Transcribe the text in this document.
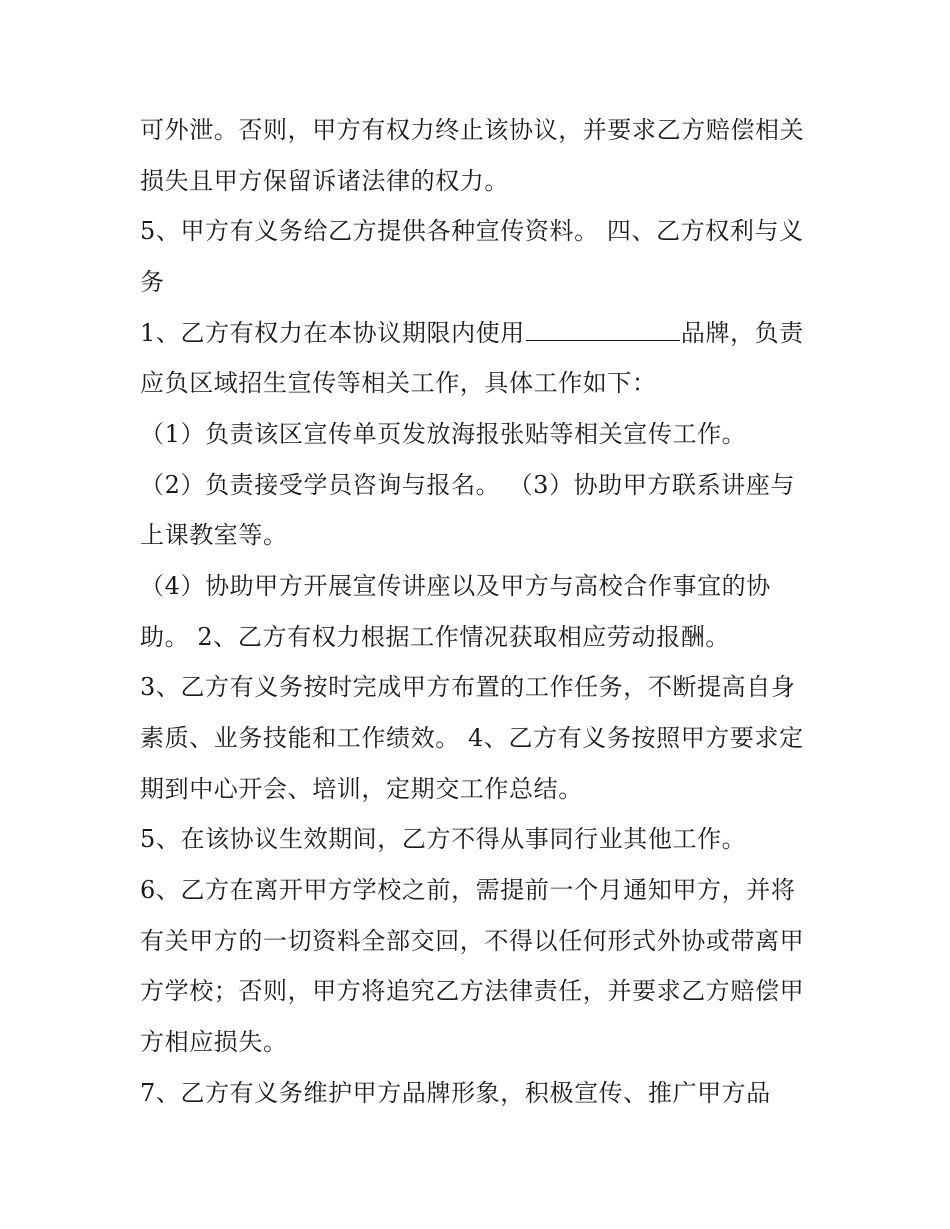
可外泄。否则，甲方有权力终止该协议，并要求乙方赔偿相关
损失且甲方保留诉诸法律的权力。
5、甲方有义务给乙方提供各种宣传资料。 四、乙方权利与义
务
1、乙方有权力在本协议期限内使用	品牌，负责
应负区域招生宣传等相关工作，具体工作如下：
（1）负责该区宣传单页发放海报张贴等相关宣传工作。
（2）负责接受学员咨询与报名。 （3）协助甲方联系讲座与
上课教室等。
（4）协助甲方开展宣传讲座以及甲方与高校合作事宜的协
助。 2、乙方有权力根据工作情况获取相应劳动报酬。
3、乙方有义务按时完成甲方布置的工作任务，不断提高自身
素质、业务技能和工作绩效。 4、乙方有义务按照甲方要求定
期到中心开会、培训，定期交工作总结。
5、在该协议生效期间，乙方不得从事同行业其他工作。
6、乙方在离开甲方学校之前，需提前一个月通知甲方，并将
有关甲方的一切资料全部交回，不得以任何形式外协或带离甲
方学校；否则，甲方将追究乙方法律责任，并要求乙方赔偿甲
方相应损失。
7、乙方有义务维护甲方品牌形象，积极宣传、推广甲方品
